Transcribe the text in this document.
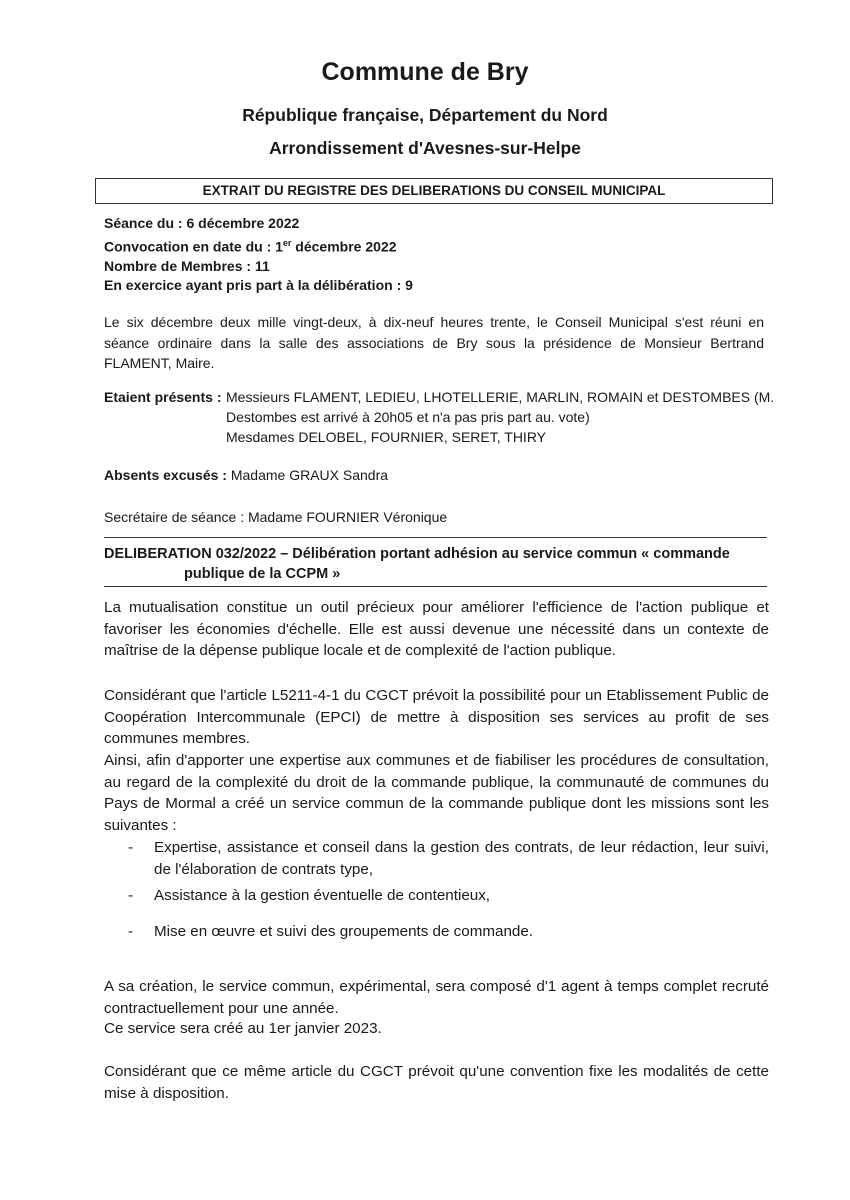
Commune de Bry
République française, Département du Nord
Arrondissement d'Avesnes-sur-Helpe
EXTRAIT DU REGISTRE DES DELIBERATIONS DU CONSEIL MUNICIPAL
Séance du : 6 décembre 2022
Convocation en date du : 1er décembre 2022
Nombre de Membres : 11
En exercice ayant pris part à la délibération : 9
Le six décembre deux mille vingt-deux, à dix-neuf heures trente, le Conseil Municipal s'est réuni en séance ordinaire dans la salle des associations de Bry sous la présidence de Monsieur Bertrand FLAMENT, Maire.
Etaient présents : Messieurs FLAMENT, LEDIEU, LHOTELLERIE, MARLIN, ROMAIN et DESTOMBES (M. Destombes est arrivé à 20h05 et n'a pas pris part au. vote)
Mesdames DELOBEL, FOURNIER, SERET, THIRY
Absents excusés : Madame GRAUX Sandra
Secrétaire de séance : Madame FOURNIER Véronique
DELIBERATION 032/2022 – Délibération portant adhésion au service commun « commande
publique de la CCPM »
La mutualisation constitue un outil précieux pour améliorer l'efficience de l'action publique et favoriser les économies d'échelle. Elle est aussi devenue une nécessité dans un contexte de maîtrise de la dépense publique locale et de complexité de l'action publique.
Considérant que l'article L5211-4-1 du CGCT prévoit la possibilité pour un Etablissement Public de Coopération Intercommunale (EPCI) de mettre à disposition ses services au profit de ses communes membres.
Ainsi, afin d'apporter une expertise aux communes et de fiabiliser les procédures de consultation, au regard de la complexité du droit de la commande publique, la communauté de communes du Pays de Mormal a créé un service commun de la commande publique dont les missions sont les suivantes :
- Expertise, assistance et conseil dans la gestion des contrats, de leur rédaction, leur suivi, de l'élaboration de contrats type,
- Assistance à la gestion éventuelle de contentieux,
- Mise en œuvre et suivi des groupements de commande.
A sa création, le service commun, expérimental, sera composé d'1 agent à temps complet recruté contractuellement pour une année.
Ce service sera créé au 1er janvier 2023.
Considérant que ce même article du CGCT prévoit qu'une convention fixe les modalités de cette mise à disposition.
